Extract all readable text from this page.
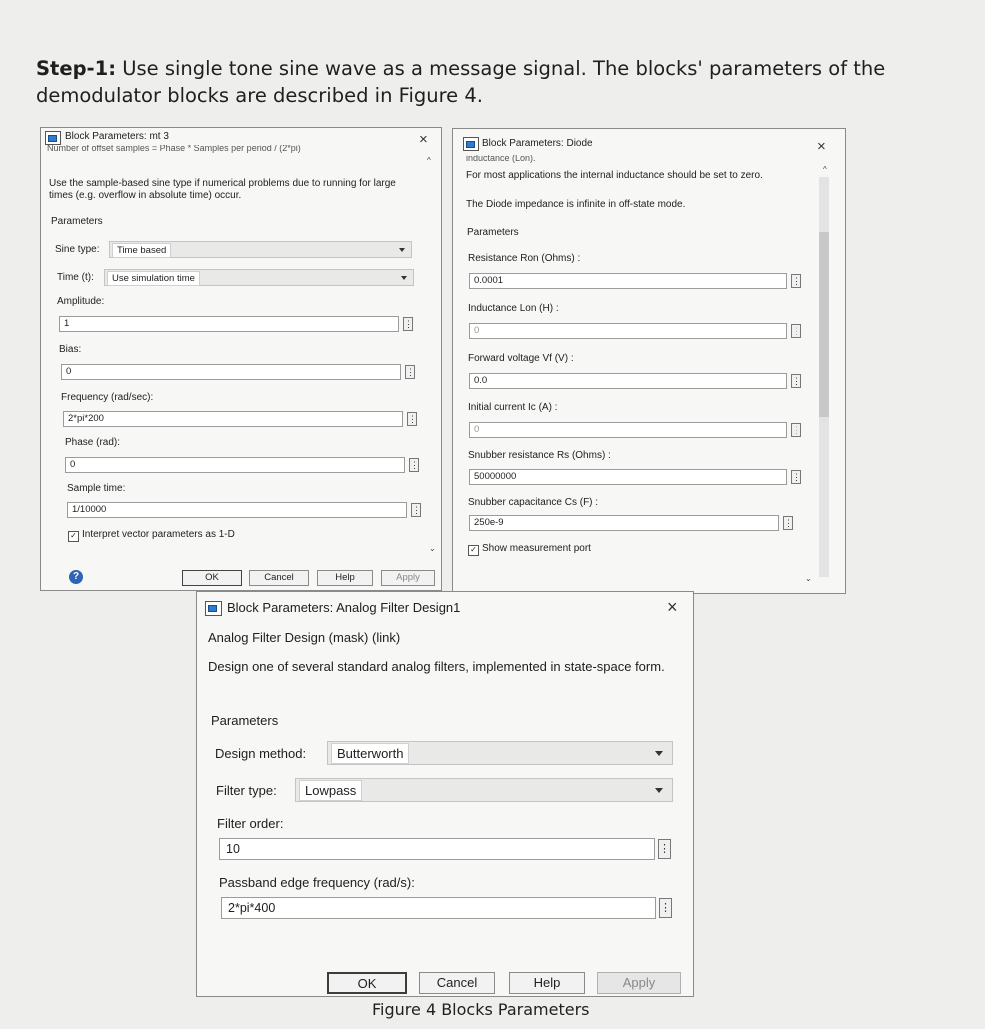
Step-1: Use single tone sine wave as a message signal. The blocks' parameters of the demodulator blocks are described in Figure 4.
Block Parameters: mt 3	×
Number of offset samples = Phase * Samples per period / (2*pi)
^
Use the sample-based sine type if numerical problems due to running for large times (e.g. overflow in absolute time) occur.
Parameters
Sine type:	Time based
Time (t):	Use simulation time
Amplitude:
1	⋮
Bias:
0	⋮
Frequency (rad/sec):
2*pi*200	⋮
Phase (rad):
0	⋮
Sample time:
1/10000	⋮
✓ Interpret vector parameters as 1-D
⌄
?	OK	Cancel	Help	Apply
Block Parameters: Diode	×
inductance (Lon).
^
For most applications the internal inductance should be set to zero.
The Diode impedance is infinite in off-state mode.
Parameters
Resistance Ron (Ohms) :
0.0001	⋮
Inductance Lon (H) :
0	⋮
Forward voltage Vf (V) :
0.0	⋮
Initial current Ic (A) :
0	⋮
Snubber resistance Rs (Ohms) :
50000000	⋮
Snubber capacitance Cs (F) :
250e-9	⋮
✓ Show measurement port
⌄
Block Parameters: Analog Filter Design1	×
Analog Filter Design (mask) (link)
Design one of several standard analog filters, implemented in state-space form.
Parameters
Design method:	Butterworth
Filter type:	Lowpass
Filter order:
10	⋮
Passband edge frequency (rad/s):
2*pi*400	⋮
OK	Cancel	Help	Apply
Figure 4 Blocks Parameters
